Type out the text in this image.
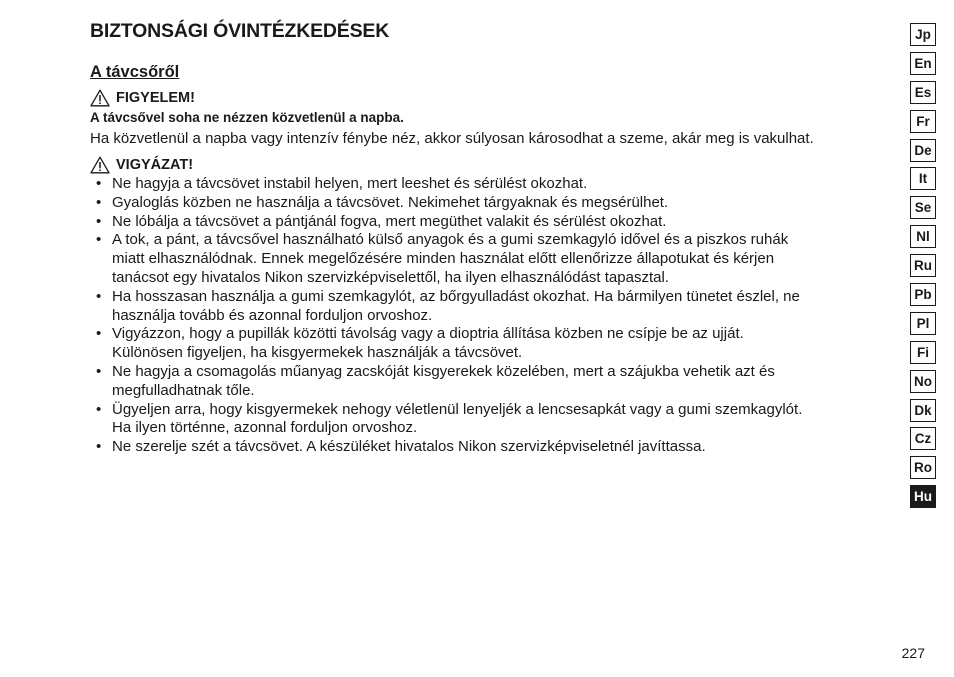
BIZTONSÁGI ÓVINTÉZKEDÉSEK
A távcsőről
FIGYELEM!
A távcsővel soha ne nézzen közvetlenül a napba.

Ha közvetlenül a napba vagy intenzív fénybe néz, akkor súlyosan károsodhat a szeme, akár meg is vakulhat.

VIGYÁZAT!
• Ne hagyja a távcsövet instabil helyen, mert leeshet és sérülést okozhat.
• Gyaloglás közben ne használja a távcsövet. Nekimehet tárgyaknak és megsérülhet.
• Ne lóbálja a távcsövet a pántjánál fogva, mert megüthet valakit és sérülést okozhat.
• A tok, a pánt, a távcsővel használható külső anyagok és a gumi szemkagyló idővel és a piszkos ruhák
miatt elhasználódnak. Ennek megelőzésére minden használat előtt ellenőrizze állapotukat és kérjen
tanácsot egy hivatalos Nikon szervizképviselettől, ha ilyen elhasználódást tapasztal.
• Ha hosszasan használja a gumi szemkagylót, az bőrgyulladást okozhat. Ha bármilyen tünetet észlel, ne
használja tovább és azonnal forduljon orvoshoz.
• Vigyázzon, hogy a pupillák közötti távolság vagy a dioptria állítása közben ne csípje be az ujját.
Különösen figyeljen, ha kisgyermekek használják a távcsövet.
• Ne hagyja a csomagolás műanyag zacskóját kisgyerekek közelében, mert a szájukba vehetik azt és
megfulladhatnak tőle.
• Ügyeljen arra, hogy kisgyermekek nehogy véletlenül lenyeljék a lencsesapkát vagy a gumi szemkagylót.
Ha ilyen történne, azonnal forduljon orvoshoz.
• Ne szerelje szét a távcsövet. A készüléket hivatalos Nikon szervizképviseletnél javíttassa.
Jp
En
Es
Fr
De
It
Se
Nl
Ru
Pb
Pl
Fi
No
Dk
Cz
Ro
Hu
227
